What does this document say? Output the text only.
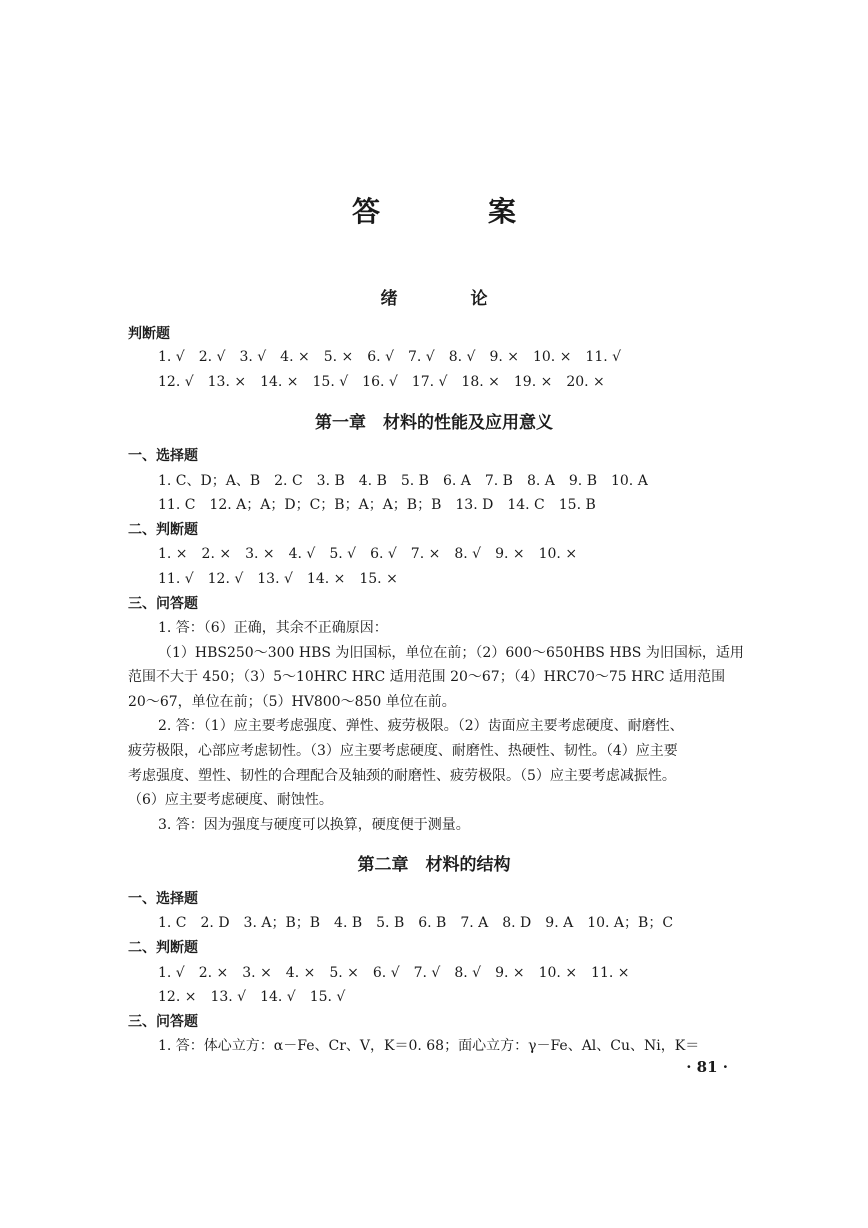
答　案
绪　论
判断题
1. √　2. √　3. √　4. ×　5. ×　6. √　7. √　8. √　9. ×　10. ×　11. √
12. √　13. ×　14. ×　15. √　16. √　17. √　18. ×　19. ×　20. ×
第一章　材料的性能及应用意义
一、选择题
1. C、D；A、B　2. C　3. B　4. B　5. B　6. A　7. B　8. A　9. B　10. A
11. C　12. A；A；D；C；B；A；A；B；B　13. D　14. C　15. B
二、判断题
1. ×　2. ×　3. ×　4. √　5. √　6. √　7. ×　8. √　9. ×　10. ×
11. √　12. √　13. √　14. ×　15. ×
三、问答题
1. 答：（6）正确，其余不正确原因：
（1）HBS250～300 HBS 为旧国标，单位在前；（2）600～650HBS HBS 为旧国标，适用
范围不大于 450；（3）5～10HRC HRC 适用范围 20～67；（4）HRC70～75 HRC 适用范围
20～67，单位在前；（5）HV800～850 单位在前。
2. 答：（1）应主要考虑强度、弹性、疲劳极限。（2）齿面应主要考虑硬度、耐磨性、
疲劳极限，心部应考虑韧性。（3）应主要考虑硬度、耐磨性、热硬性、韧性。（4）应主要
考虑强度、塑性、韧性的合理配合及轴颈的耐磨性、疲劳极限。（5）应主要考虑减振性。
（6）应主要考虑硬度、耐蚀性。
3. 答：因为强度与硬度可以换算，硬度便于测量。
第二章　材料的结构
一、选择题
1. C　2. D　3. A；B；B　4. B　5. B　6. B　7. A　8. D　9. A　10. A；B；C
二、判断题
1. √　2. ×　3. ×　4. ×　5. ×　6. √　7. √　8. √　9. ×　10. ×　11. ×
12. ×　13. √　14. √　15. √
三、问答题
1. 答：体心立方：α－Fe、Cr、V，K＝0. 68；面心立方：γ－Fe、Al、Cu、Ni，K＝
· 81 ·
